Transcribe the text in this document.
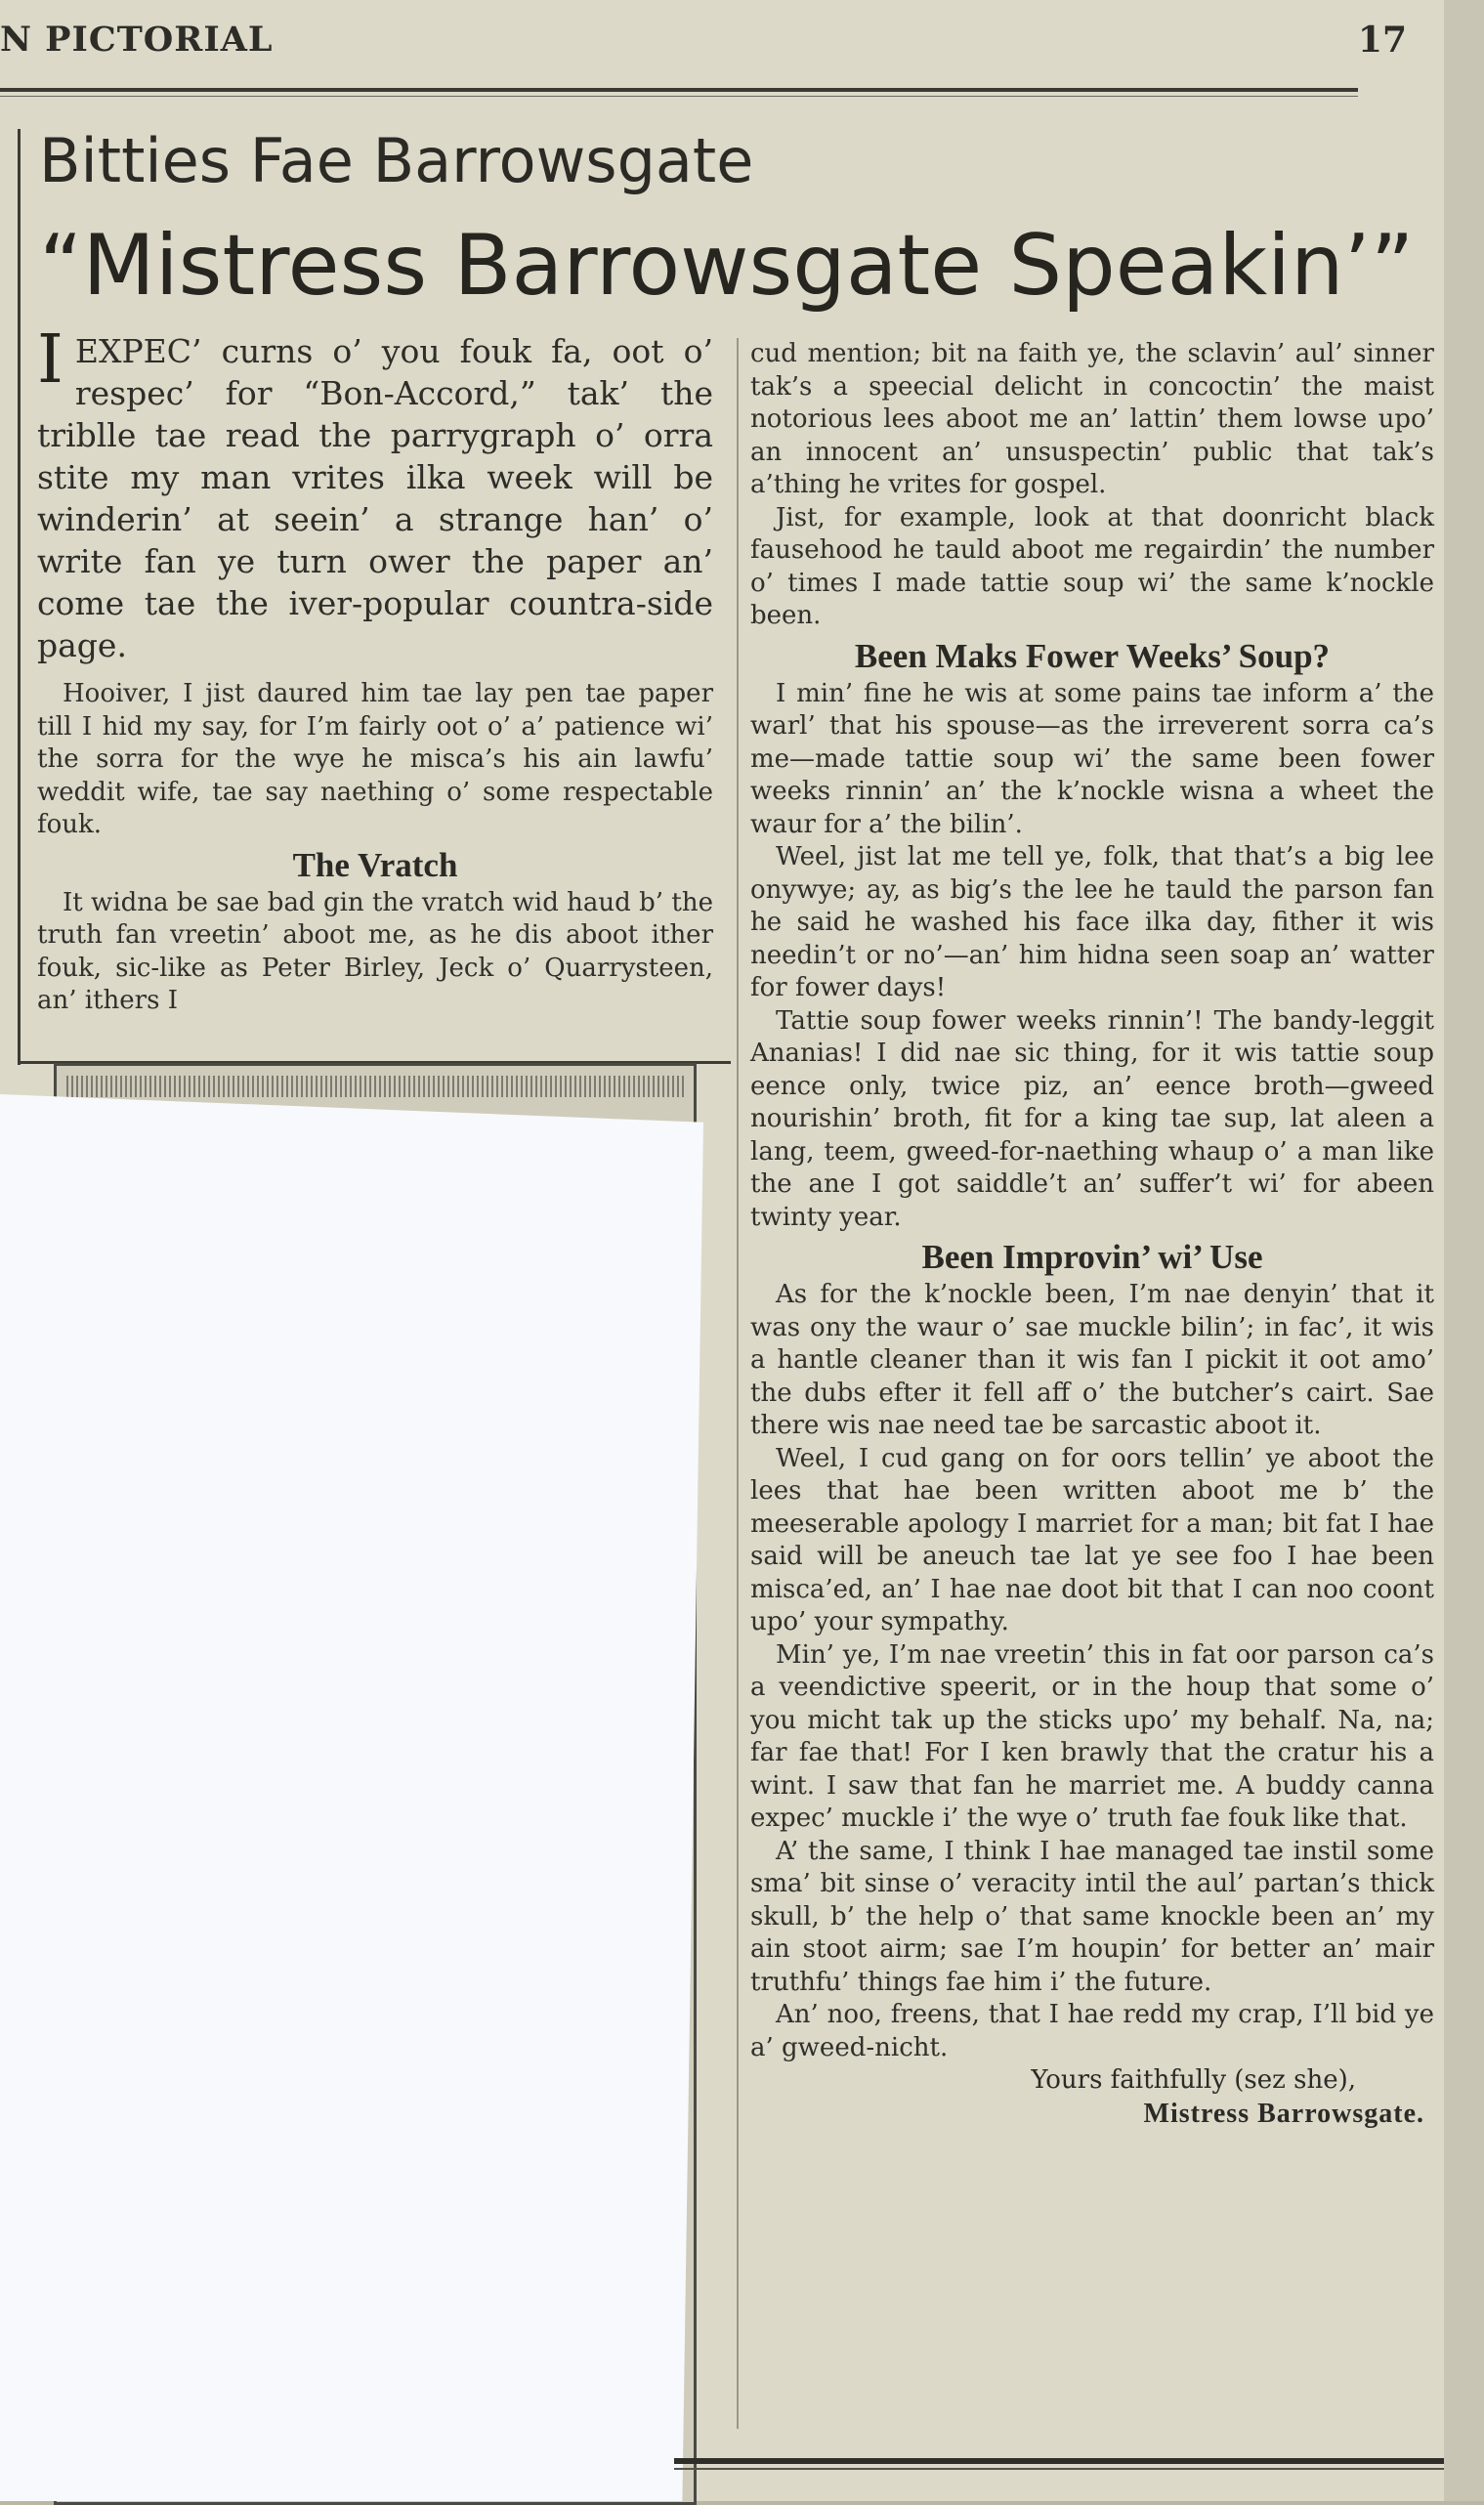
N PICTORIAL	17
Bitties Fae Barrowsgate
“Mistress Barrowsgate Speakin’”

IEXPEC’ curns o’ you fouk fa, oot o’ respec’ for “Bon-Accord,” tak’ the triblle tae read the parrygraph o’ orra stite my man vrites ilka week will be winderin’ at seein’ a strange han’ o’ write fan ye turn ower the paper an’ come tae the iver-popular countra-side page.

Hooiver, I jist daured him tae lay pen tae paper till I hid my say, for I’m fairly oot o’ a’ patience wi’ the sorra for the wye he misca’s his ain lawfu’ weddit wife, tae say naething o’ some respectable fouk.

The Vratch

It widna be sae bad gin the vratch wid haud b’ the truth fan vreetin’ aboot me, as he dis aboot ither fouk, sic-like as Peter Birley, Jeck o’ Quarrysteen, an’ ithers I

cud mention; bit na faith ye, the sclavin’ aul’ sinner tak’s a speecial delicht in concoctin’ the maist notorious lees aboot me an’ lattin’ them lowse upo’ an innocent an’ unsuspectin’ public that tak’s a’thing he vrites for gospel.

Jist, for example, look at that doonricht black fausehood he tauld aboot me regairdin’ the number o’ times I made tattie soup wi’ the same k’nockle been.

Been Maks Fower Weeks’ Soup?

I min’ fine he wis at some pains tae inform a’ the warl’ that his spouse—as the irreverent sorra ca’s me—made tattie soup wi’ the same been fower weeks rinnin’ an’ the k’nockle wisna a wheet the waur for a’ the bilin’.

Weel, jist lat me tell ye, folk, that that’s a big lee onywye; ay, as big’s the lee he tauld the parson fan he said he washed his face ilka day, fither it wis needin’t or no’—an’ him hidna seen soap an’ watter for fower days!

Tattie soup fower weeks rinnin’! The bandy-leggit Ananias! I did nae sic thing, for it wis tattie soup eence only, twice piz, an’ eence broth—gweed nourishin’ broth, fit for a king tae sup, lat aleen a lang, teem, gweed-for-naething whaup o’ a man like the ane I got saiddle’t an’ suffer’t wi’ for abeen twinty year.

Been Improvin’ wi’ Use

As for the k’nockle been, I’m nae denyin’ that it was ony the waur o’ sae muckle bilin’; in fac’, it wis a hantle cleaner than it wis fan I pickit it oot amo’ the dubs efter it fell aff o’ the butcher’s cairt. Sae there wis nae need tae be sarcastic aboot it.

Weel, I cud gang on for oors tellin’ ye aboot the lees that hae been written aboot me b’ the meeserable apology I marriet for a man; bit fat I hae said will be aneuch tae lat ye see foo I hae been misca’ed, an’ I hae nae doot bit that I can noo coont upo’ your sympathy.

Min’ ye, I’m nae vreetin’ this in fat oor parson ca’s a veendictive speerit, or in the houp that some o’ you micht tak up the sticks upo’ my behalf. Na, na; far fae that! For I ken brawly that the cratur his a wint. I saw that fan he marriet me. A buddy canna expec’ muckle i’ the wye o’ truth fae fouk like that.

A’ the same, I think I hae managed tae instil some sma’ bit sinse o’ veracity intil the aul’ partan’s thick skull, b’ the help o’ that same knockle been an’ my ain stoot airm; sae I’m houpin’ for better an’ mair truthfu’ things fae him i’ the future.

An’ noo, freens, that I hae redd my crap, I’ll bid ye a’ gweed-nicht.

Yours faithfully (sez she),
Mistress Barrowsgate.
